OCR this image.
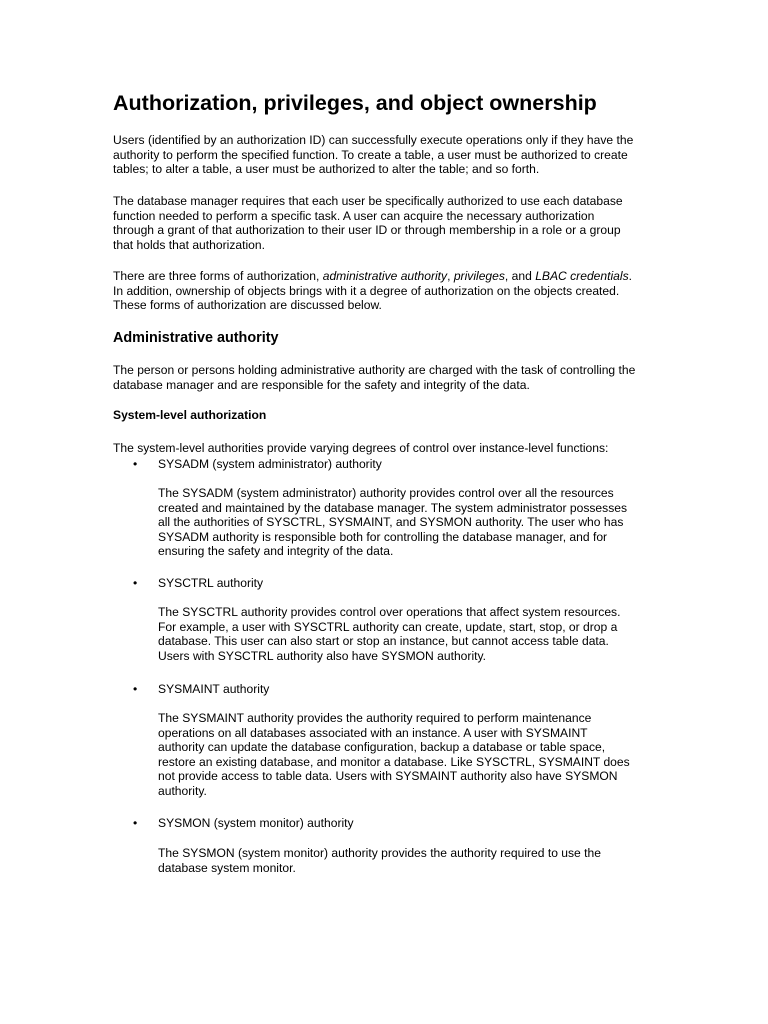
Authorization, privileges, and object ownership

Users (identified by an authorization ID) can successfully execute operations only if they have the
authority to perform the specified function. To create a table, a user must be authorized to create
tables; to alter a table, a user must be authorized to alter the table; and so forth.

The database manager requires that each user be specifically authorized to use each database
function needed to perform a specific task. A user can acquire the necessary authorization
through a grant of that authorization to their user ID or through membership in a role or a group
that holds that authorization.

There are three forms of authorization, administrative authority, privileges, and LBAC credentials.
In addition, ownership of objects brings with it a degree of authorization on the objects created.
These forms of authorization are discussed below.

Administrative authority

The person or persons holding administrative authority are charged with the task of controlling the
database manager and are responsible for the safety and integrity of the data.

System-level authorization

The system-level authorities provide varying degrees of control over instance-level functions:

• SYSADM (system administrator) authority

The SYSADM (system administrator) authority provides control over all the resources
created and maintained by the database manager. The system administrator possesses
all the authorities of SYSCTRL, SYSMAINT, and SYSMON authority. The user who has
SYSADM authority is responsible both for controlling the database manager, and for
ensuring the safety and integrity of the data.

• SYSCTRL authority

The SYSCTRL authority provides control over operations that affect system resources.
For example, a user with SYSCTRL authority can create, update, start, stop, or drop a
database. This user can also start or stop an instance, but cannot access table data.
Users with SYSCTRL authority also have SYSMON authority.

• SYSMAINT authority

The SYSMAINT authority provides the authority required to perform maintenance
operations on all databases associated with an instance. A user with SYSMAINT
authority can update the database configuration, backup a database or table space,
restore an existing database, and monitor a database. Like SYSCTRL, SYSMAINT does
not provide access to table data. Users with SYSMAINT authority also have SYSMON
authority.

• SYSMON (system monitor) authority

The SYSMON (system monitor) authority provides the authority required to use the
database system monitor.
